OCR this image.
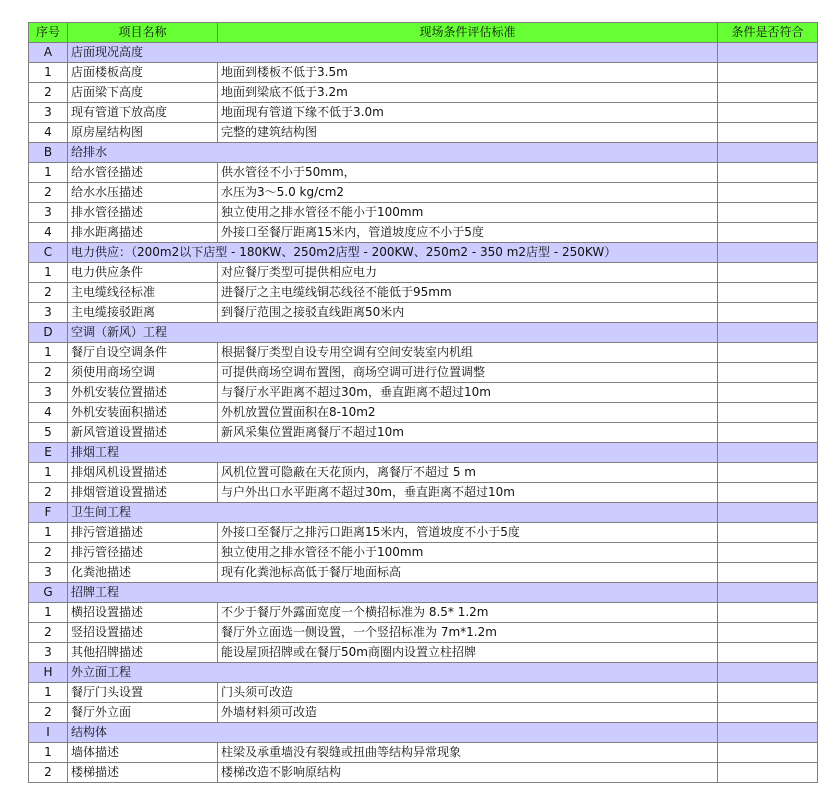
序号	项目名称	现场条件评估标准	条件是否符合
A	店面现况高度		
1	店面楼板高度	地面到楼板不低于3.5m	
2	店面梁下高度	地面到梁底不低于3.2m	
3	现有管道下放高度	地面现有管道下缘不低于3.0m	
4	原房屋结构图	完整的建筑结构图	
B	给排水		
1	给水管径描述	供水管径不小于50mm，	
2	给水水压描述	水压为3～5.0 kg/cm2	
3	排水管径描述	独立使用之排水管径不能小于100mm	
4	排水距离描述	外接口至餐厅距离15米内，管道坡度应不小于5度	
C	电力供应：（200m2以下店型 - 180KW、250m2店型 - 200KW、250m2 - 350 m2店型 - 250KW）		
1	电力供应条件	对应餐厅类型可提供相应电力	
2	主电缆线径标准	进餐厅之主电缆线铜芯线径不能低于95mm	
3	主电缆接驳距离	到餐厅范围之接驳直线距离50米内	
D	空调（新风）工程		
1	餐厅自设空调条件	根据餐厅类型自设专用空调有空间安装室内机组	
2	须使用商场空调	可提供商场空调布置图，商场空调可进行位置调整	
3	外机安装位置描述	与餐厅水平距离不超过30m，垂直距离不超过10m	
4	外机安装面积描述	外机放置位置面积在8-10m2	
5	新风管道设置描述	新风采集位置距离餐厅不超过10m	
E	排烟工程		
1	排烟风机设置描述	风机位置可隐蔽在天花顶内，离餐厅不超过 5 m	
2	排烟管道设置描述	与户外出口水平距离不超过30m，垂直距离不超过10m	
F	卫生间工程		
1	排污管道描述	外接口至餐厅之排污口距离15米内，管道坡度不小于5度	
2	排污管径描述	独立使用之排水管径不能小于100mm	
3	化粪池描述	现有化粪池标高低于餐厅地面标高	
G	招牌工程		
1	横招设置描述	不少于餐厅外露面宽度一个横招标准为 8.5* 1.2m	
2	竖招设置描述	餐厅外立面选一侧设置，一个竖招标准为 7m*1.2m	
3	其他招牌描述	能设屋顶招牌或在餐厅50m商圈内设置立柱招牌	
H	外立面工程		
1	餐厅门头设置	门头须可改造	
2	餐厅外立面	外墙材料须可改造	
I	结构体		
1	墙体描述	柱梁及承重墙没有裂缝或扭曲等结构异常现象	
2	楼梯描述	楼梯改造不影响原结构	
